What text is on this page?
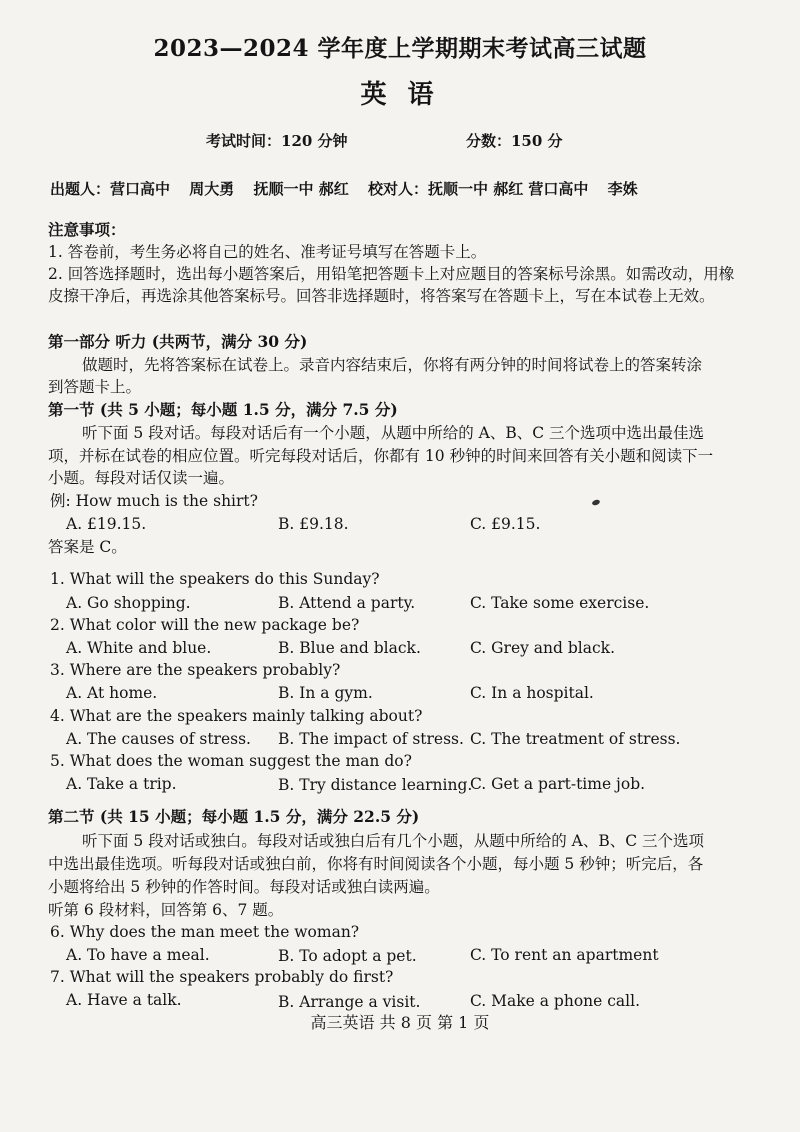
2023—2024 学年度上学期期末考试高三试题
英 语
考试时间：120 分钟	分数：150 分
出题人：营口高中 周大勇 抚顺一中 郝红 校对人：抚顺一中 郝红 营口高中 李姝
注意事项：
1. 答卷前，考生务必将自己的姓名、准考证号填写在答题卡上。
2. 回答选择题时，选出每小题答案后，用铅笔把答题卡上对应题目的答案标号涂黑。如需改动，用橡
皮擦干净后，再选涂其他答案标号。回答非选择题时，将答案写在答题卡上，写在本试卷上无效。
第一部分 听力 (共两节，满分 30 分)
做题时，先将答案标在试卷上。录音内容结束后，你将有两分钟的时间将试卷上的答案转涂
到答题卡上。
第一节 (共 5 小题；每小题 1.5 分，满分 7.5 分)
听下面 5 段对话。每段对话后有一个小题，从题中所给的 A、B、C 三个选项中选出最佳选
项，并标在试卷的相应位置。听完每段对话后，你都有 10 秒钟的时间来回答有关小题和阅读下一
小题。每段对话仅读一遍。
例: How much is the shirt?
A. £19.15.	B. £9.18.	C. £9.15.
答案是 C。
1. What will the speakers do this Sunday?
A. Go shopping.	B. Attend a party.	C. Take some exercise.
2. What color will the new package be?
A. White and blue.	B. Blue and black.	C. Grey and black.
3. Where are the speakers probably?
A. At home.	B. In a gym.	C. In a hospital.
4. What are the speakers mainly talking about?
A. The causes of stress. B. The impact of stress. C. The treatment of stress.
5. What does the woman suggest the man do?
A. Take a trip.	B. Try distance learning.
C. Get a part-time job.
第二节 (共 15 小题；每小题 1.5 分，满分 22.5 分)
听下面 5 段对话或独白。每段对话或独白后有几个小题，从题中所给的 A、B、C 三个选项
中选出最佳选项。听每段对话或独白前，你将有时间阅读各个小题，每小题 5 秒钟；听完后，各
小题将给出 5 秒钟的作答时间。每段对话或独白读两遍。
听第 6 段材料，回答第 6、7 题。
6. Why does the man meet the woman?
A. To have a meal.	B. To adopt a pet.	C. To rent an apartment
7. What will the speakers probably do first?
A. Have a talk.	B. Arrange a visit.	C. Make a phone call.
高三英语 共 8 页 第 1 页
